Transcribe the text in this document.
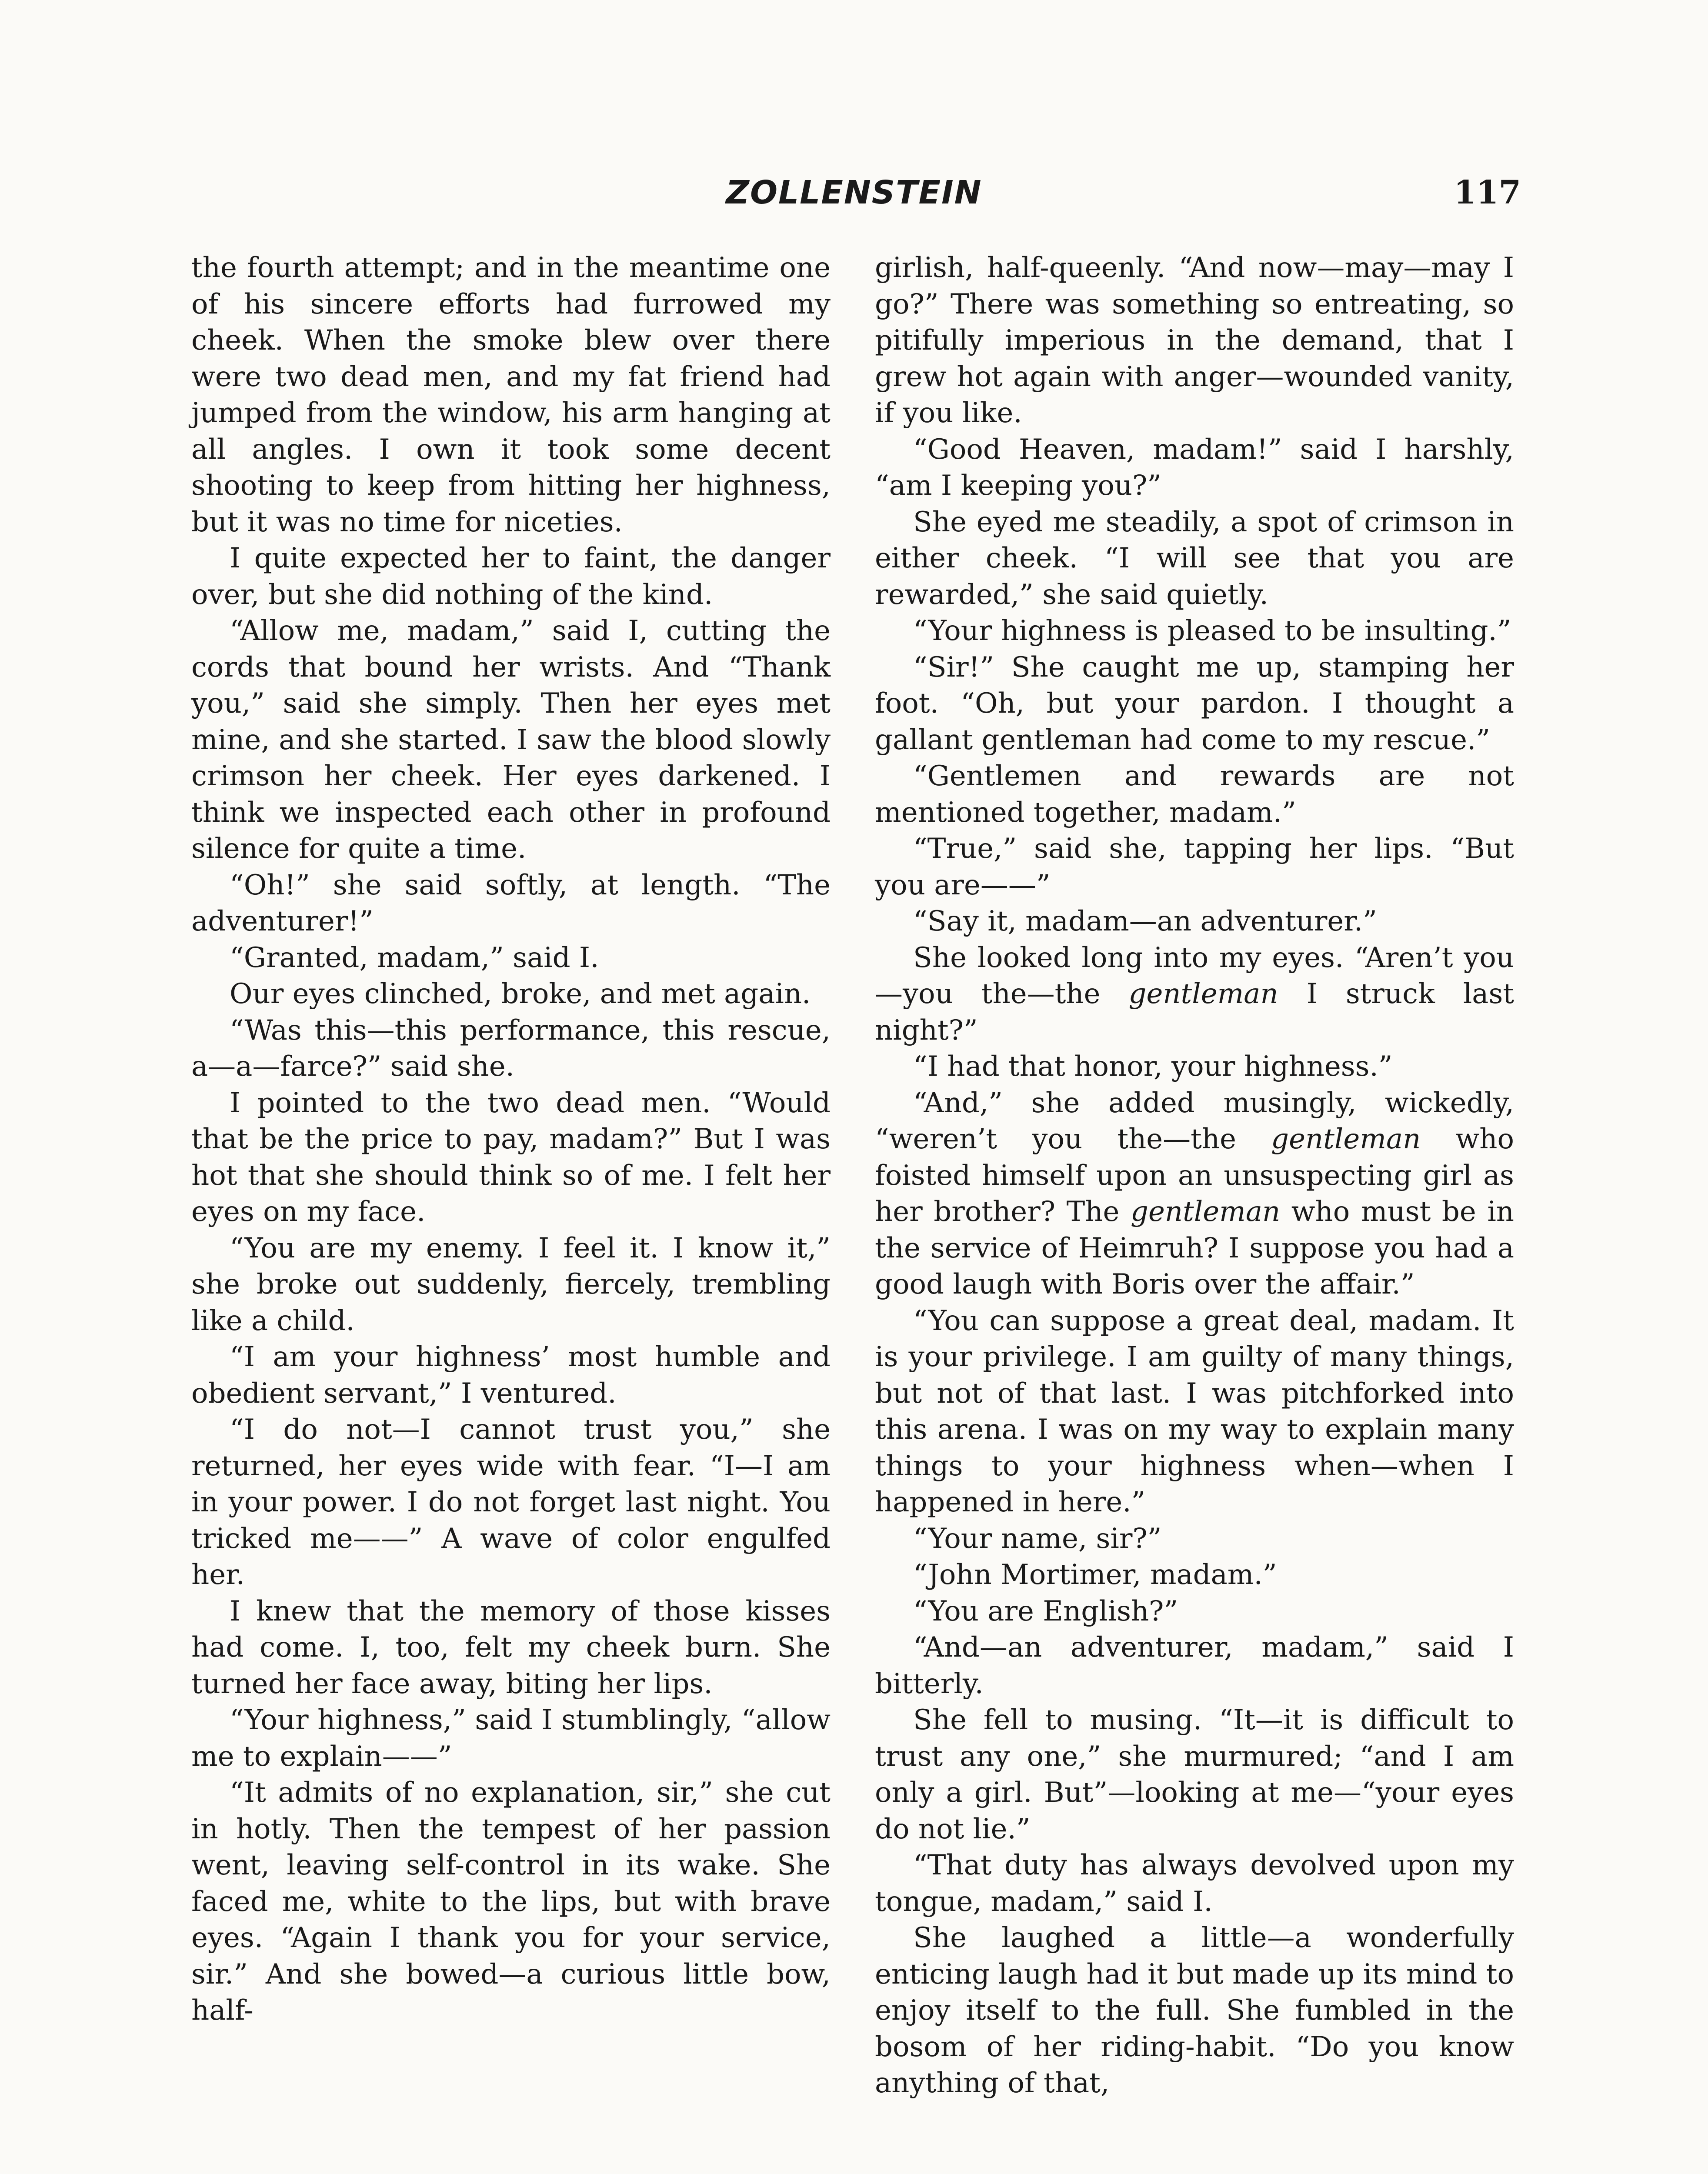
ZOLLENSTEIN	117

the fourth attempt; and in the meantime one of his sincere efforts had furrowed my cheek. When the smoke blew over there were two dead men, and my fat friend had jumped from the window, his arm hanging at all angles. I own it took some decent shooting to keep from hitting her highness, but it was no time for niceties.

I quite expected her to faint, the danger over, but she did nothing of the kind.

“Allow me, madam,” said I, cutting the cords that bound her wrists. And “Thank you,” said she simply. Then her eyes met mine, and she started. I saw the blood slowly crimson her cheek. Her eyes darkened. I think we inspected each other in profound silence for quite a time.

“Oh!” she said softly, at length. “The adventurer!”

“Granted, madam,” said I.

Our eyes clinched, broke, and met again.

“Was this—this performance, this rescue, a—a—farce?” said she.

I pointed to the two dead men. “Would that be the price to pay, madam?” But I was hot that she should think so of me. I felt her eyes on my face.

“You are my enemy. I feel it. I know it,” she broke out suddenly, fiercely, trembling like a child.

“I am your highness’ most humble and obedient servant,” I ventured.

“I do not—I cannot trust you,” she returned, her eyes wide with fear. “I—I am in your power. I do not forget last night. You tricked me——” A wave of color engulfed her.

I knew that the memory of those kisses had come. I, too, felt my cheek burn. She turned her face away, biting her lips.

“Your highness,” said I stumblingly, “allow me to explain——”

“It admits of no explanation, sir,” she cut in hotly. Then the tempest of her passion went, leaving self-control in its wake. She faced me, white to the lips, but with brave eyes. “Again I thank you for your service, sir.” And she bowed—a curious little bow, half-

girlish, half-queenly. “And now—may—may I go?” There was something so entreating, so pitifully imperious in the demand, that I grew hot again with anger—wounded vanity, if you like.

“Good Heaven, madam!” said I harshly, “am I keeping you?”

She eyed me steadily, a spot of crimson in either cheek. “I will see that you are rewarded,” she said quietly.

“Your highness is pleased to be insulting.”

“Sir!” She caught me up, stamping her foot. “Oh, but your pardon. I thought a gallant gentleman had come to my rescue.”

“Gentlemen and rewards are not mentioned together, madam.”

“True,” said she, tapping her lips. “But you are——”

“Say it, madam—an adventurer.”

She looked long into my eyes. “Aren’t you—you the—the gentleman I struck last night?”

“I had that honor, your highness.”

“And,” she added musingly, wickedly, “weren’t you the—the gentleman who foisted himself upon an unsuspecting girl as her brother? The gentleman who must be in the service of Heimruh? I suppose you had a good laugh with Boris over the affair.”

“You can suppose a great deal, madam. It is your privilege. I am guilty of many things, but not of that last. I was pitchforked into this arena. I was on my way to explain many things to your highness when—when I happened in here.”

“Your name, sir?”

“John Mortimer, madam.”

“You are English?”

“And—an adventurer, madam,” said I bitterly.

She fell to musing. “It—it is difficult to trust any one,” she murmured; “and I am only a girl. But”—looking at me—“your eyes do not lie.”

“That duty has always devolved upon my tongue, madam,” said I.

She laughed a little—a wonderfully enticing laugh had it but made up its mind to enjoy itself to the full. She fumbled in the bosom of her riding-habit. “Do you know anything of that,
